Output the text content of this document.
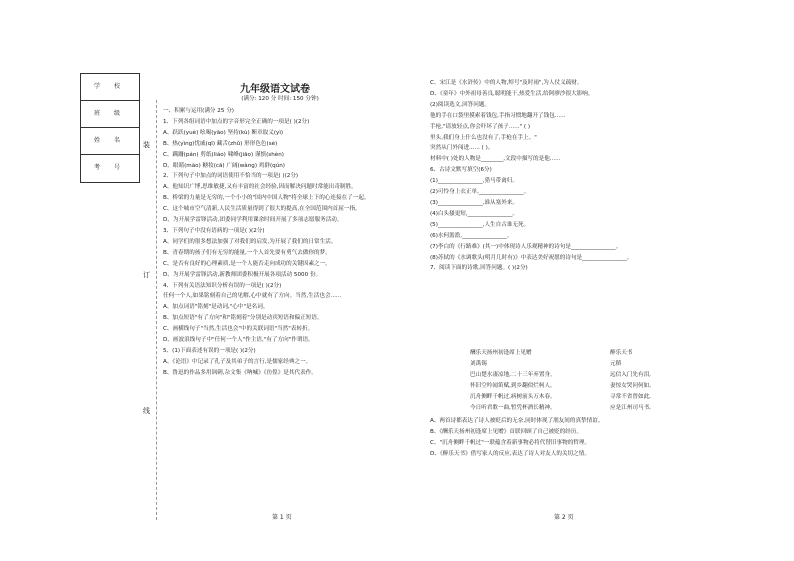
学 校
班 级
姓 名
考 号
装
订
线
九年级语文试卷
(满分: 120 分 时间: 150 分钟)
一、积累与运用(满分 25 分)
1、下列各组词语中加点的字音形完全正确的一项是( )(2分)
A、跃跃(yuè) 吆喝(yāo) 坚持(kù) 断章取义(yì)
B、热(yìng)忧戚(qī) 藏舌(zhǔ) 形形色色(sè)
C、蹒跚(pán) 剪纸(liáo) 啸峰(jiāo) 谨慎(shèn)
D、眼睛(mào) 糖妆(cā) 广阔(wàng) 鸡群(qún)
2、下列句子中加点的词语使用不恰当的一项是( )(2分)
A、他知识广博,思维敏捷,又有丰富的社会经验,因而解决问题时常能出奇制胜。
B、桥梁的力量是无穷的,一个小小的"国内中国人物"将全球上下的心连接在了一起。
C、这个城市空气清新,人民生活质量得到了很大的提高,在全国范围内首屈一指。
D、为开展学雷锋活动,团委同学利用课余时间开展了多项志愿服务活动。
3、下列句子中没有语病的一项是( )(2分)
A、同学们的很多想法加强了对我们的启发,为开展了我们的日常生活。
B、青春期的孩子们有无穷的能量,一个人首先要有勇气去做你的梦。
C、是否有良好的心理素质,是一个人能否走向成功的关键因素之一。
D、为开展学雷锋活动,新教师团委积极开展各项活动 5000 份。
4、下列有关语法知识分析有误的一项是( )(2分)
任何一个人,如果铭刻着自己的见解,心中就有了方向。当然,生活也会......
A、加点词语"铭刻"是动词,"心中"是名词。
B、加点短语"有了方向"和"铭刻着"分别是动宾短语和偏正短语。
C、画横线句子"当然,生活也会"中的关联词语"当然"表转折。
D、画波浪线句子中"任何一个人"作主语,"有了方向"作谓语。
5、(1)下面表述有误的一项是( )(2分)
A、《论语》中记录了孔子及其弟子的言行,是儒家经典之一。
B、鲁迅的作品多用讽刺,杂文集《呐喊》《彷徨》是其代表作。
C、宋江是《水浒传》中的人物,绰号"及时雨",为人仗义疏财。
D、《童年》中外祖母善良,聪明能干,热爱生活,给阿廖沙很大影响。
(2)阅读选文,回答问题。
他的手在口袋里摸索着钱包,手指习惯地翻开了钱包......
手枪,"请放轻点,你会吓坏了孩子......" ( )
里头,我们身上什么也没有了,手枪在手上。"
突然从门外闯进...... ( )。
材料中( )处的人物是________,文段中描写的是他......
6、古诗文默写填空(6分)
(1)________________,猎马带禽归。
(2)可怜身上衣正单,________________。
(3)________________,谁从塞外来。
(4)白头搔更短,________________。
(5)________________,人生自古谁无死。
(6)水何澹澹,________________。
(7)李白的《行路难》(其一)中体现诗人乐观精神的诗句是________________。
(8)苏轼的《水调歌头(明月几时有)》中表达美好祝愿的诗句是________________。
7、阅读下面的诗歌,回答问题。( )(2分)
酬乐天扬州初逢席上见赠
刘禹锡
巴山楚水凄凉地,二十三年弃置身。
怀旧空吟闻笛赋,到乡翻似烂柯人。
沉舟侧畔千帆过,病树前头万木春。
今日听君歌一曲,暂凭杯酒长精神。
醉乐天书
元稹
远信入门先有泪,
妻惊女哭问何如。
寻常不省曾如此,
应是江州司马书。
A、两首诗都表达了诗人被贬后的无奈,同时体现了朋友间的真挚情谊。
B、《酬乐天扬州初逢席上见赠》首联回顾了自己被贬的经历。
C、"沉舟侧畔千帆过"一联蕴含着新事物必将代替旧事物的哲理。
D、《醉乐天书》借写家人的反应,表达了诗人对友人的关切之情。
第 1 页	第 2 页
